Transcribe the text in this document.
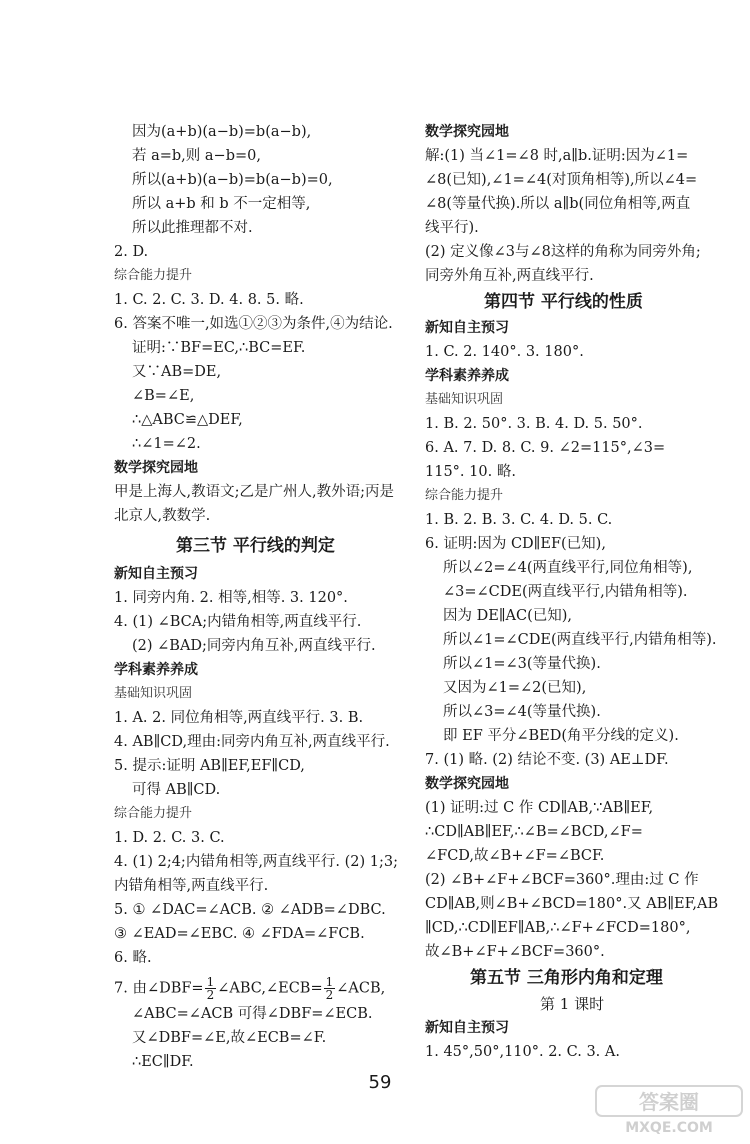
因为(a+b)(a−b)=b(a−b),
若 a=b,则 a−b=0,
所以(a+b)(a−b)=b(a−b)=0,
所以 a+b 和 b 不一定相等,
所以此推理都不对.
2. D.
综合能力提升
1. C. 2. C. 3. D. 4. 8. 5. 略.
6. 答案不唯一,如选①②③为条件,④为结论.
证明:∵BF=EC,∴BC=EF.
又∵AB=DE,
∠B=∠E,
∴△ABC≌△DEF,
∴∠1=∠2.
数学探究园地
甲是上海人,教语文;乙是广州人,教外语;丙是
北京人,教数学.
第三节 平行线的判定
新知自主预习
1. 同旁内角. 2. 相等,相等. 3. 120°.
4. (1) ∠BCA;内错角相等,两直线平行.
(2) ∠BAD;同旁内角互补,两直线平行.
学科素养养成
基础知识巩固
1. A. 2. 同位角相等,两直线平行. 3. B.
4. AB∥CD,理由:同旁内角互补,两直线平行.
5. 提示:证明 AB∥EF,EF∥CD,
可得 AB∥CD.
综合能力提升
1. D. 2. C. 3. C.
4. (1) 2;4;内错角相等,两直线平行. (2) 1;3;
内错角相等,两直线平行.
5. ① ∠DAC=∠ACB. ② ∠ADB=∠DBC.
③ ∠EAD=∠EBC. ④ ∠FDA=∠FCB.
6. 略.
7. 由∠DBF= $\frac{1}{2}$ ∠ABC,∠ECB= $\frac{1}{2}$ ∠ACB,
∠ABC=∠ACB 可得∠DBF=∠ECB.
又∠DBF=∠E,故∠ECB=∠F.
∴EC∥DF.
数学探究园地
解:(1) 当∠1=∠8 时,a∥b.证明:因为∠1=
∠8(已知),∠1=∠4(对顶角相等),所以∠4=
∠8(等量代换).所以 a∥b(同位角相等,两直
线平行).
(2) 定义像∠3与∠8这样的角称为同旁外角;
同旁外角互补,两直线平行.
第四节 平行线的性质
新知自主预习
1. C. 2. 140°. 3. 180°.
学科素养养成
基础知识巩固
1. B. 2. 50°. 3. B. 4. D. 5. 50°.
6. A. 7. D. 8. C. 9. ∠2=115°,∠3=
115°. 10. 略.
综合能力提升
1. B. 2. B. 3. C. 4. D. 5. C.
6. 证明:因为 CD∥EF(已知),
所以∠2=∠4(两直线平行,同位角相等),
∠3=∠CDE(两直线平行,内错角相等).
因为 DE∥AC(已知),
所以∠1=∠CDE(两直线平行,内错角相等).
所以∠1=∠3(等量代换).
又因为∠1=∠2(已知),
所以∠3=∠4(等量代换).
即 EF 平分∠BED(角平分线的定义).
7. (1) 略. (2) 结论不变. (3) AE⊥DF.
数学探究园地
(1) 证明:过 C 作 CD∥AB,∵AB∥EF,
∴CD∥AB∥EF,∴∠B=∠BCD,∠F=
∠FCD,故∠B+∠F=∠BCF.
(2) ∠B+∠F+∠BCF=360°.理由:过 C 作
CD∥AB,则∠B+∠BCD=180°.又 AB∥EF,AB
∥CD,∴CD∥EF∥AB,∴∠F+∠FCD=180°,
故∠B+∠F+∠BCF=360°.
第五节 三角形内角和定理
第 1 课时
新知自主预习
1. 45°,50°,110°. 2. C. 3. A.
59
答案圈
MXQE.COM
